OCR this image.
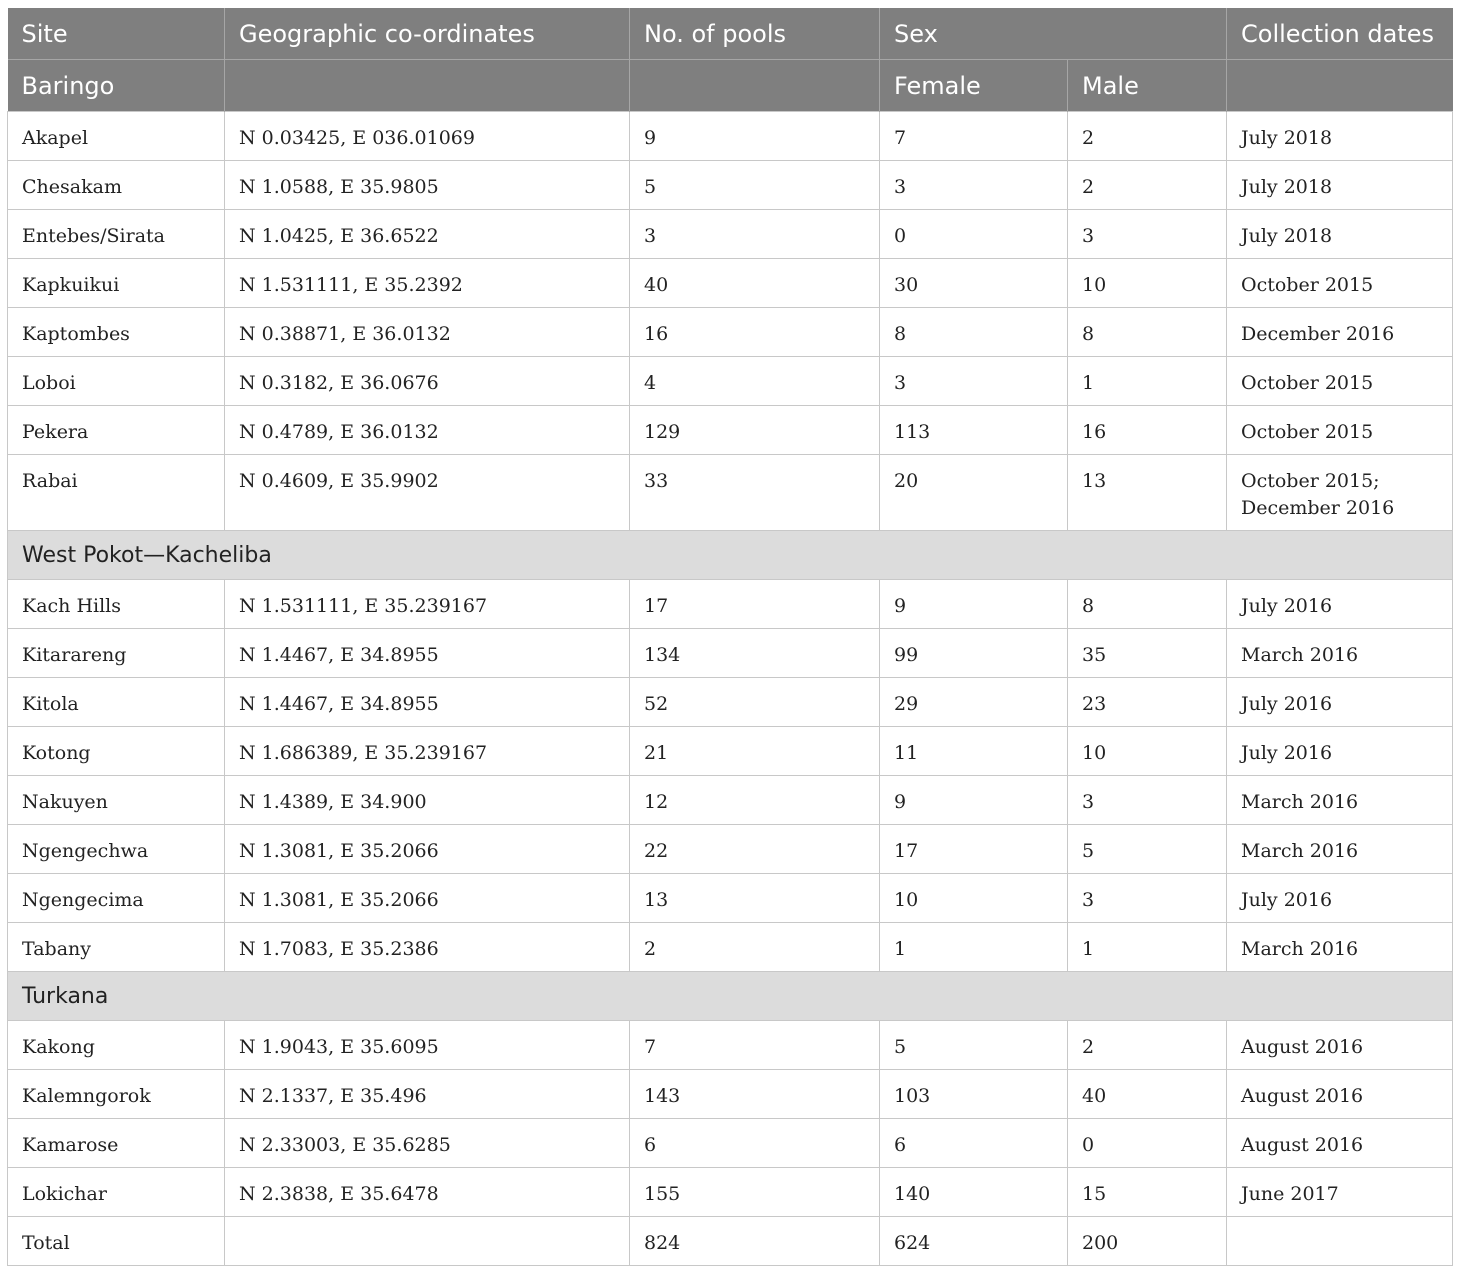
Site	Geographic co-ordinates	No. of pools	Sex		Collection dates
Baringo			Female	Male	
Akapel	N 0.03425, E 036.01069	9	7	2	July 2018
Chesakam	N 1.0588, E 35.9805	5	3	2	July 2018
Entebes/Sirata	N 1.0425, E 36.6522	3	0	3	July 2018
Kapkuikui	N 1.531111, E 35.2392	40	30	10	October 2015
Kaptombes	N 0.38871, E 36.0132	16	8	8	December 2016
Loboi	N 0.3182, E 36.0676	4	3	1	October 2015
Pekera	N 0.4789, E 36.0132	129	113	16	October 2015
Rabai	N 0.4609, E 35.9902	33	20	13	October 2015; December 2016
West Pokot—Kacheliba					
Kach Hills	N 1.531111, E 35.239167	17	9	8	July 2016
Kitarareng	N 1.4467, E 34.8955	134	99	35	March 2016
Kitola	N 1.4467, E 34.8955	52	29	23	July 2016
Kotong	N 1.686389, E 35.239167	21	11	10	July 2016
Nakuyen	N 1.4389, E 34.900	12	9	3	March 2016
Ngengechwa	N 1.3081, E 35.2066	22	17	5	March 2016
Ngengecima	N 1.3081, E 35.2066	13	10	3	July 2016
Tabany	N 1.7083, E 35.2386	2	1	1	March 2016
Turkana					
Kakong	N 1.9043, E 35.6095	7	5	2	August 2016
Kalemngorok	N 2.1337, E 35.496	143	103	40	August 2016
Kamarose	N 2.33003, E 35.6285	6	6	0	August 2016
Lokichar	N 2.3838, E 35.6478	155	140	15	June 2017
Total		824	624	200	
